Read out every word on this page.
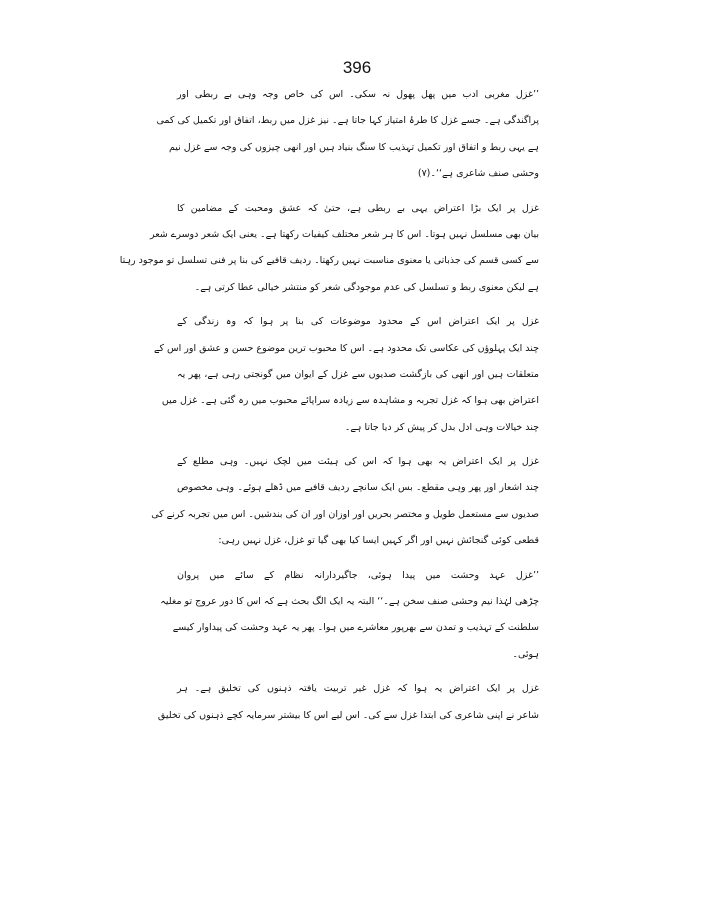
396
’’غزل مغربی ادب میں پھل پھول نہ سکی۔ اس کی خاص وجہ وہی بے ربطی اور
پراگندگی ہے۔ جسے غزل کا طرۂ امتیاز کہا جاتا ہے۔ نیز غزل میں ربط، اتفاق اور تکمیل کی کمی
ہے یہی ربط و اتفاق اور تکمیل تہذیب کا سنگ بنیاد ہیں اور انھی چیزوں کی وجہ سے غزل نیم
وحشی صنف شاعری ہے‘‘۔(۷)
غزل پر ایک بڑا اعتراض یہی بے ربطی ہے، حتیٰ کہ عشق ومحبت کے مضامین کا
بیان بھی مسلسل نہیں ہوتا۔ اس کا ہر شعر مختلف کیفیات رکھتا ہے۔ یعنی ایک شعر دوسرے شعر
سے کسی قسم کی جذباتی یا معنوی مناسبت نہیں رکھتا۔ ردیف قافیے کی بنا پر فنی تسلسل تو موجود رہتا
ہے لیکن معنوی ربط و تسلسل کی عدم موجودگی شعر کو منتشر خیالی عطا کرتی ہے۔
غزل پر ایک اعتراض اس کے محدود موضوعات کی بنا پر ہوا کہ وہ زندگی کے
چند ایک پہلوؤں کی عکاسی تک محدود ہے۔ اس کا محبوب ترین موضوع حسن و عشق اور اس کے
متعلقات ہیں اور انھی کی بازگشت صدیوں سے غزل کے ایوان میں گونجتی رہی ہے، پھر یہ
اعتراض بھی ہوا کہ غزل تجربہ و مشاہدہ سے زیادہ سراپائے محبوب میں رہ گئی ہے۔ غزل میں
چند خیالات وہی ادل بدل کر پیش کر دیا جاتا ہے۔
غزل پر ایک اعتراض یہ بھی ہوا کہ اس کی ہیئت میں لچک نہیں۔ وہی مطلع کے
چند اشعار اور پھر وہی مقطع۔ بس ایک سانچے ردیف قافیے میں ڈھلے ہوئے۔ وہی مخصوص
صدیوں سے مستعمل طویل و مختصر بحریں اور اوزان اور ان کی بندشیں۔ اس میں تجربہ کرنے کی
قطعی کوئی گنجائش نہیں اور اگر کہیں ایسا کیا بھی گیا تو غزل، غزل نہیں رہی:
’’غزل عہد وحشت میں پیدا ہوئی، جاگیردارانہ نظام کے سائے میں پروان
چڑھی لہٰذا نیم وحشی صنف سخن ہے۔‘‘ البتہ یہ ایک الگ بحث ہے کہ اس کا دور عروج تو مغلیہ
سلطنت کے تہذیب و تمدن سے بھرپور معاشرے میں ہوا۔ پھر یہ عہد وحشت کی پیداوار کیسے
ہوئی۔
غزل پر ایک اعتراض یہ ہوا کہ غزل غیر تربیت یافتہ ذہنوں کی تخلیق ہے۔ ہر
شاعر نے اپنی شاعری کی ابتدا غزل سے کی۔ اس لیے اس کا بیشتر سرمایہ کچے ذہنوں کی تخلیق
